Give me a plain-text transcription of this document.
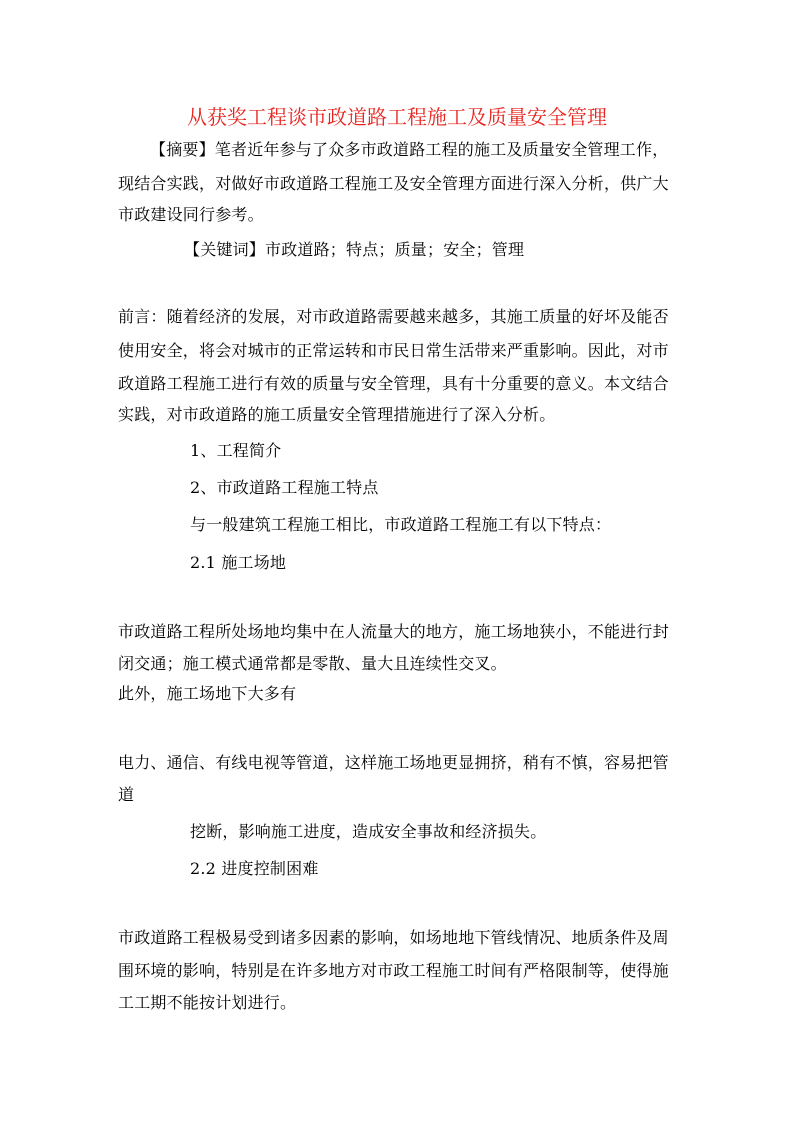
从获奖工程谈市政道路工程施工及质量安全管理
【摘要】笔者近年参与了众多市政道路工程的施工及质量安全管理工作，
现结合实践，对做好市政道路工程施工及安全管理方面进行深入分析，供广大
市政建设同行参考。
【关键词】市政道路；特点；质量；安全；管理
前言：随着经济的发展，对市政道路需要越来越多，其施工质量的好坏及能否
使用安全，将会对城市的正常运转和市民日常生活带来严重影响。因此，对市
政道路工程施工进行有效的质量与安全管理，具有十分重要的意义。本文结合
实践，对市政道路的施工质量安全管理措施进行了深入分析。
1、工程简介
2、市政道路工程施工特点
与一般建筑工程施工相比，市政道路工程施工有以下特点：
2.1 施工场地
市政道路工程所处场地均集中在人流量大的地方，施工场地狭小，不能进行封
闭交通；施工模式通常都是零散、量大且连续性交叉。
此外，施工场地下大多有
电力、通信、有线电视等管道，这样施工场地更显拥挤，稍有不慎，容易把管
道
挖断，影响施工进度，造成安全事故和经济损失。
2.2 进度控制困难
市政道路工程极易受到诸多因素的影响，如场地地下管线情况、地质条件及周
围环境的影响，特别是在许多地方对市政工程施工时间有严格限制等，使得施
工工期不能按计划进行。
